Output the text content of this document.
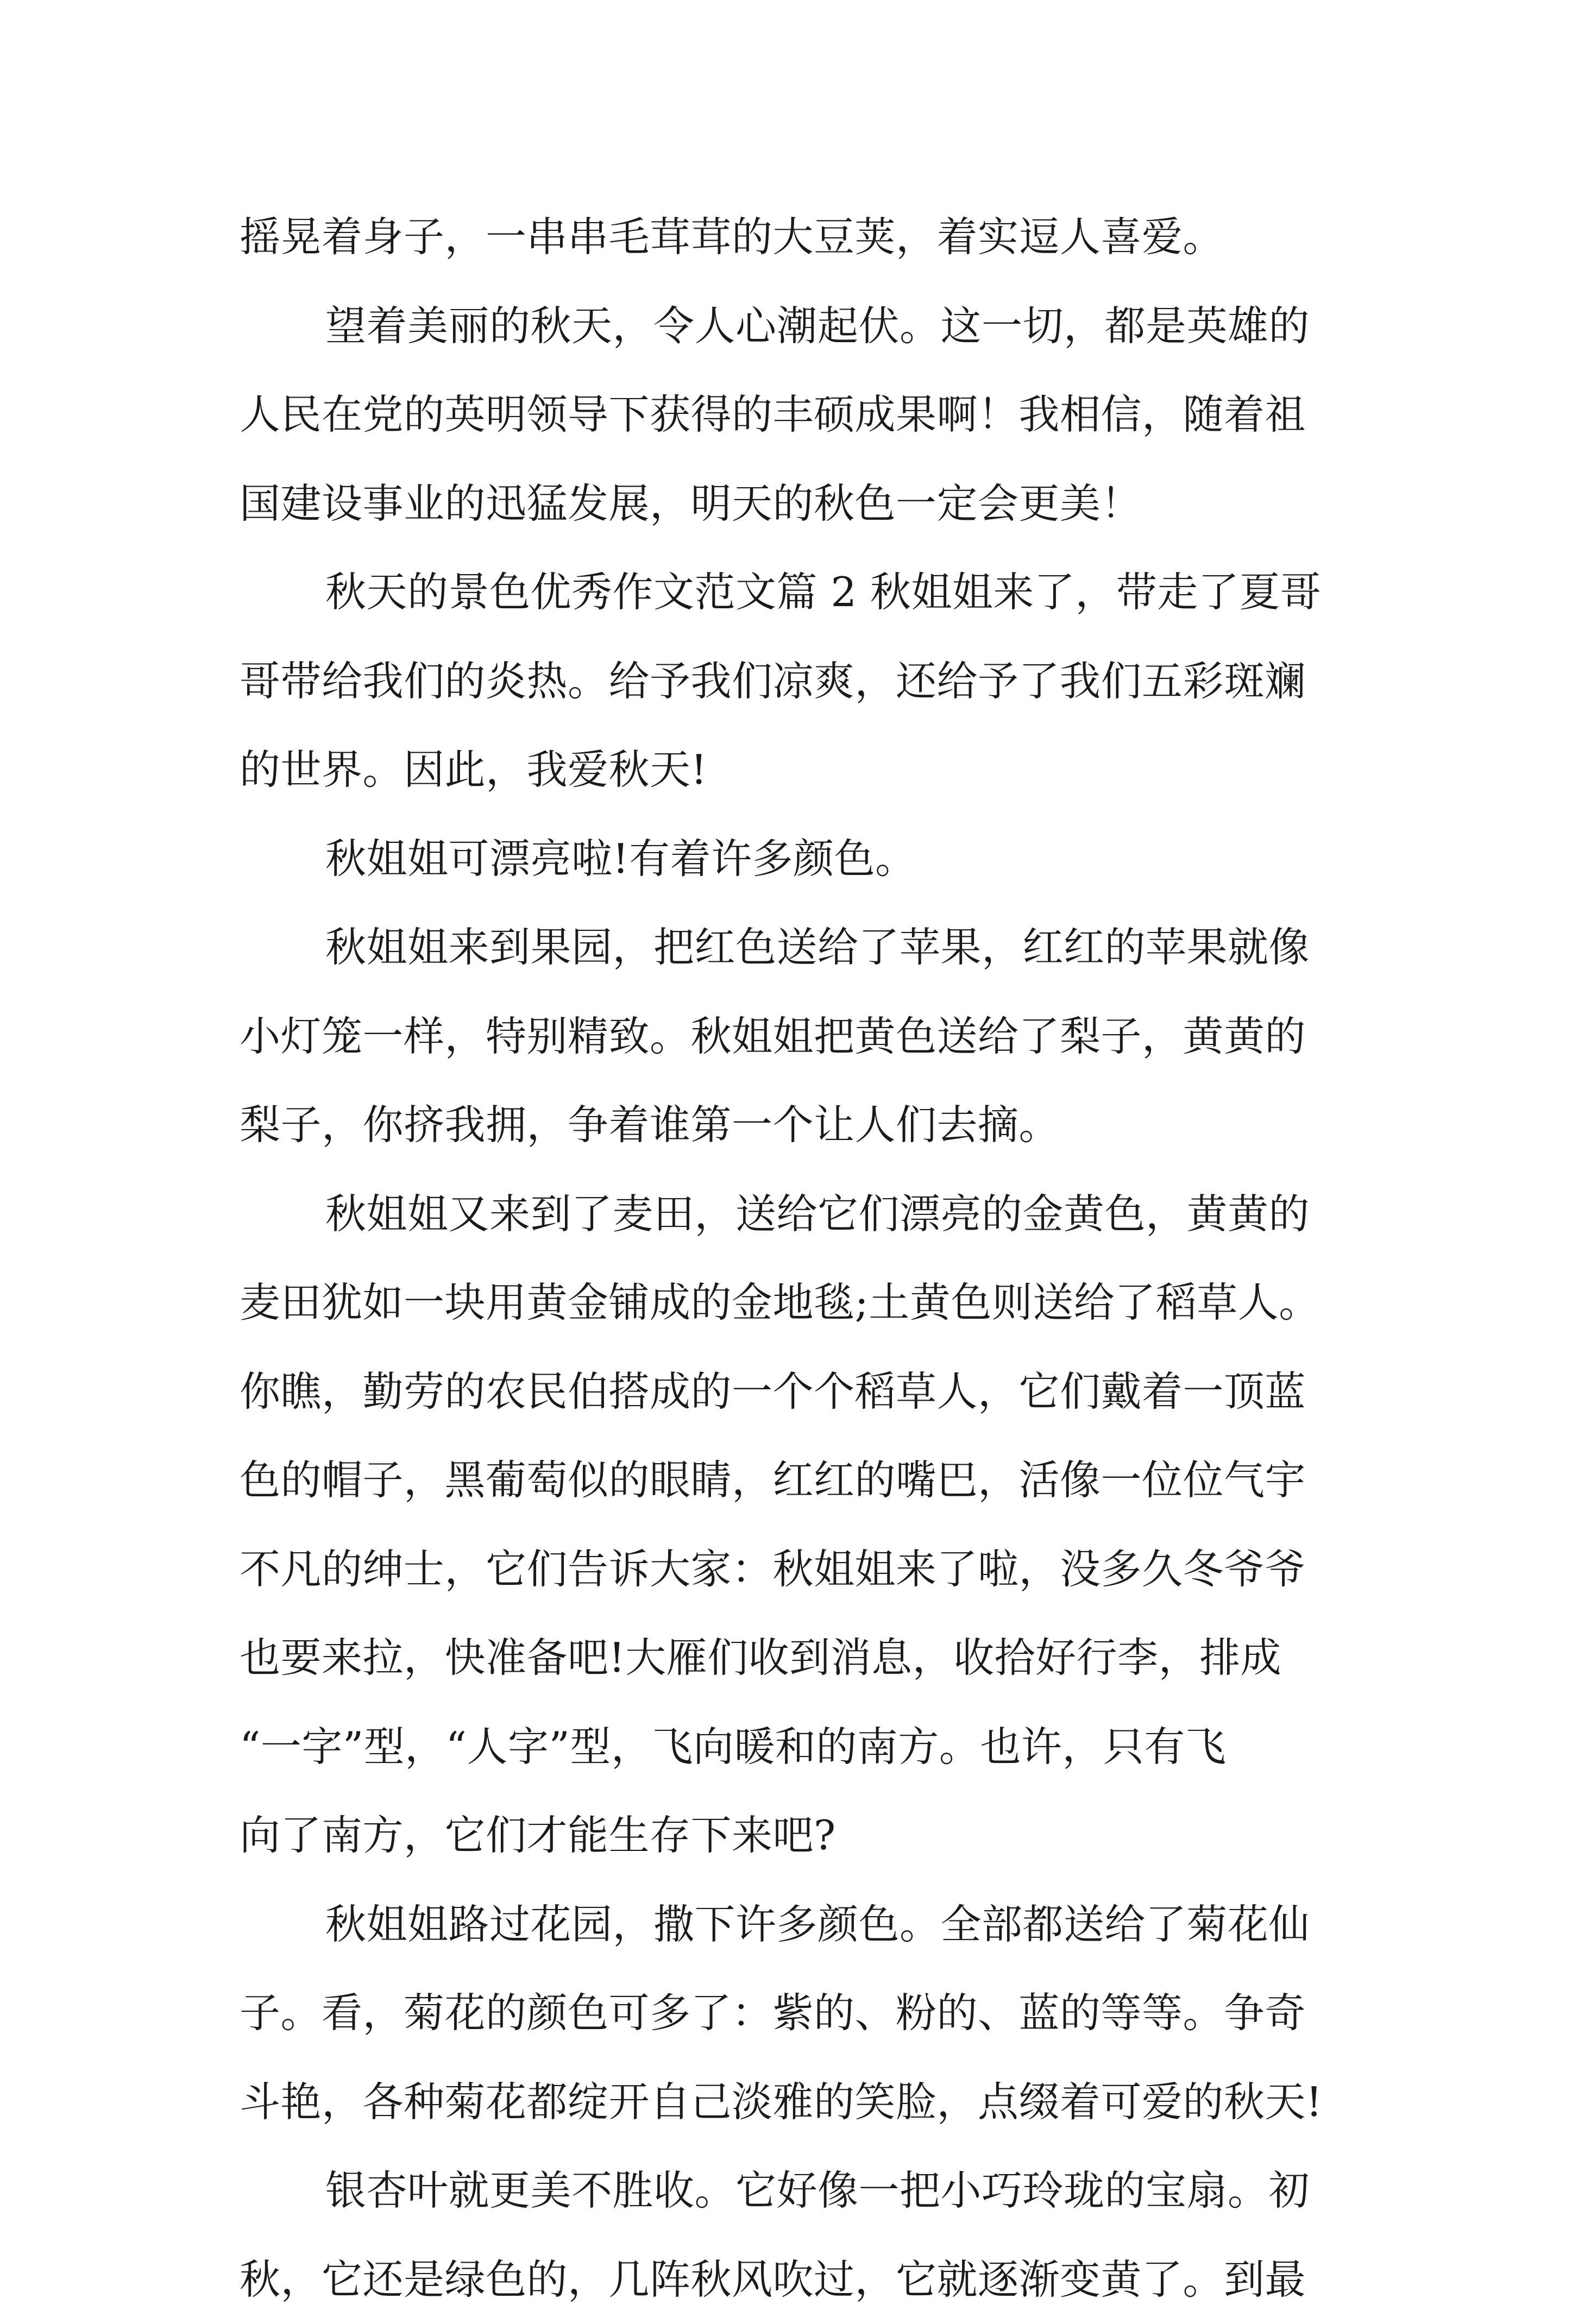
摇晃着身子，一串串毛茸茸的大豆荚，着实逗人喜爱。
望着美丽的秋天，令人心潮起伏。这一切，都是英雄的
人民在党的英明领导下获得的丰硕成果啊！我相信，随着祖
国建设事业的迅猛发展，明天的秋色一定会更美！
秋天的景色优秀作文范文篇 2 秋姐姐来了，带走了夏哥
哥带给我们的炎热。给予我们凉爽，还给予了我们五彩斑斓
的世界。因此，我爱秋天!
秋姐姐可漂亮啦!有着许多颜色。
秋姐姐来到果园，把红色送给了苹果，红红的苹果就像
小灯笼一样，特别精致。秋姐姐把黄色送给了梨子，黄黄的
梨子，你挤我拥，争着谁第一个让人们去摘。
秋姐姐又来到了麦田，送给它们漂亮的金黄色，黄黄的
麦田犹如一块用黄金铺成的金地毯;土黄色则送给了稻草人。
你瞧，勤劳的农民伯搭成的一个个稻草人，它们戴着一顶蓝
色的帽子，黑葡萄似的眼睛，红红的嘴巴，活像一位位气宇
不凡的绅士，它们告诉大家：秋姐姐来了啦，没多久冬爷爷
也要来拉，快准备吧!大雁们收到消息，收拾好行李，排成
“一字”型，“人字”型，飞向暖和的南方。也许，只有飞
向了南方，它们才能生存下来吧?
秋姐姐路过花园，撒下许多颜色。全部都送给了菊花仙
子。看，菊花的颜色可多了：紫的、粉的、蓝的等等。争奇
斗艳，各种菊花都绽开自己淡雅的笑脸，点缀着可爱的秋天!
银杏叶就更美不胜收。它好像一把小巧玲珑的宝扇。初
秋，它还是绿色的，几阵秋风吹过，它就逐渐变黄了。到最
